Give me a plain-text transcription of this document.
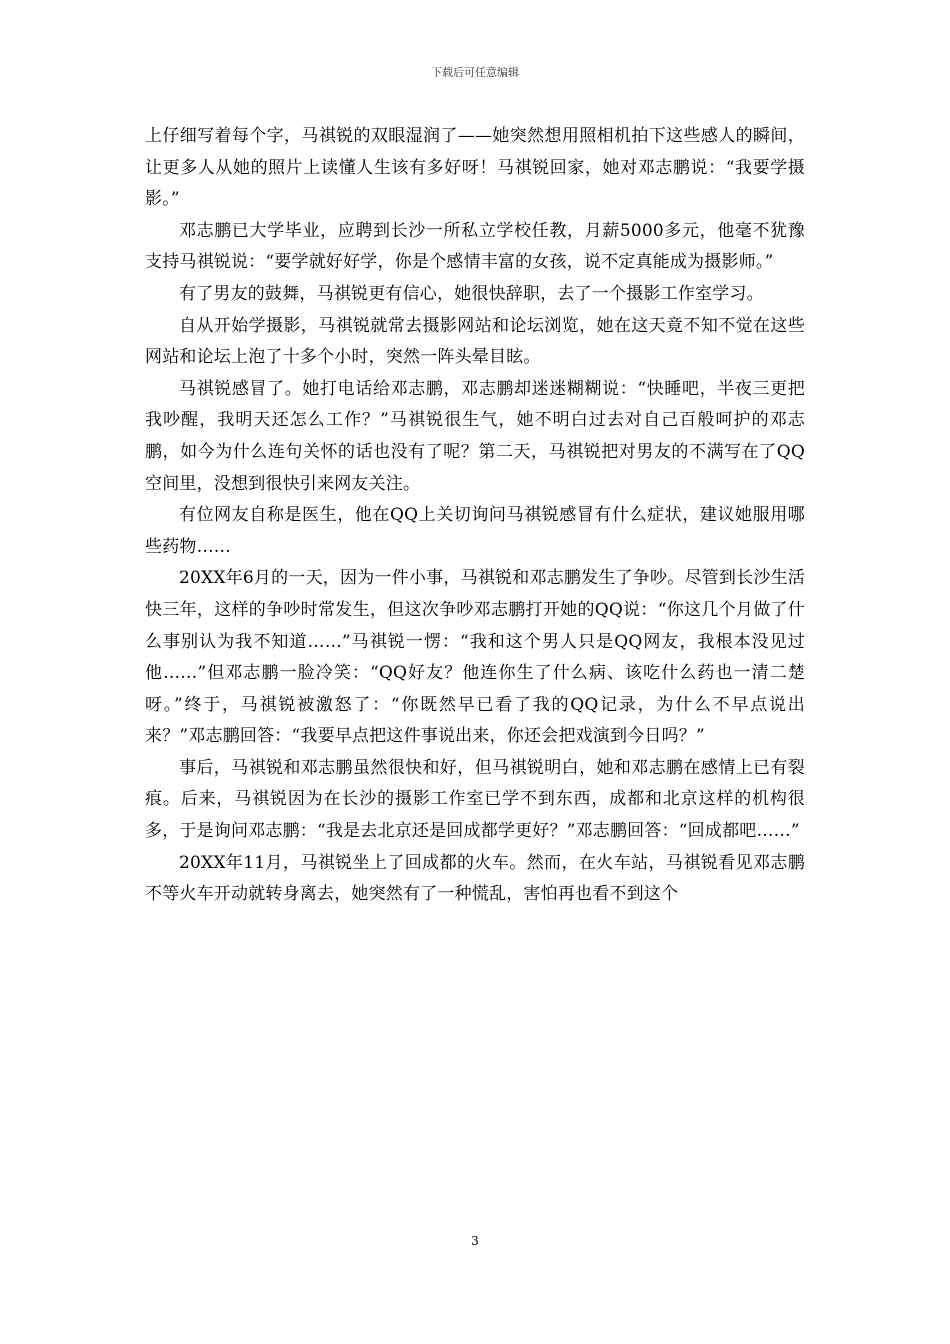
下载后可任意编辑

上仔细写着每个字，马祺锐的双眼湿润了——她突然想用照相机拍下这些感人的瞬间，让更多人从她的照片上读懂人生该有多好呀！马祺锐回家，她对邓志鹏说：“我要学摄影。”

邓志鹏已大学毕业，应聘到长沙一所私立学校任教，月薪5000多元，他毫不犹豫支持马祺锐说：“要学就好好学，你是个感情丰富的女孩，说不定真能成为摄影师。”

有了男友的鼓舞，马祺锐更有信心，她很快辞职，去了一个摄影工作室学习。

自从开始学摄影，马祺锐就常去摄影网站和论坛浏览，她在这天竟不知不觉在这些网站和论坛上泡了十多个小时，突然一阵头晕目眩。

马祺锐感冒了。她打电话给邓志鹏，邓志鹏却迷迷糊糊说：“快睡吧，半夜三更把我吵醒，我明天还怎么工作？”马祺锐很生气，她不明白过去对自己百般呵护的邓志鹏，如今为什么连句关怀的话也没有了呢？第二天，马祺锐把对男友的不满写在了QQ空间里，没想到很快引来网友关注。

有位网友自称是医生，他在QQ上关切询问马祺锐感冒有什么症状，建议她服用哪些药物……

20XX年6月的一天，因为一件小事，马祺锐和邓志鹏发生了争吵。尽管到长沙生活快三年，这样的争吵时常发生，但这次争吵邓志鹏打开她的QQ说：“你这几个月做了什么事别认为我不知道……”马祺锐一愣：“我和这个男人只是QQ网友，我根本没见过他……”但邓志鹏一脸冷笑：“QQ好友？他连你生了什么病、该吃什么药也一清二楚呀。”终于，马祺锐被激怒了：“你既然早已看了我的QQ记录，为什么不早点说出来？”邓志鹏回答：“我要早点把这件事说出来，你还会把戏演到今日吗？”

事后，马祺锐和邓志鹏虽然很快和好，但马祺锐明白，她和邓志鹏在感情上已有裂痕。后来，马祺锐因为在长沙的摄影工作室已学不到东西，成都和北京这样的机构很多，于是询问邓志鹏：“我是去北京还是回成都学更好？”邓志鹏回答：“回成都吧……”

20XX年11月，马祺锐坐上了回成都的火车。然而，在火车站，马祺锐看见邓志鹏不等火车开动就转身离去，她突然有了一种慌乱，害怕再也看不到这个

3
